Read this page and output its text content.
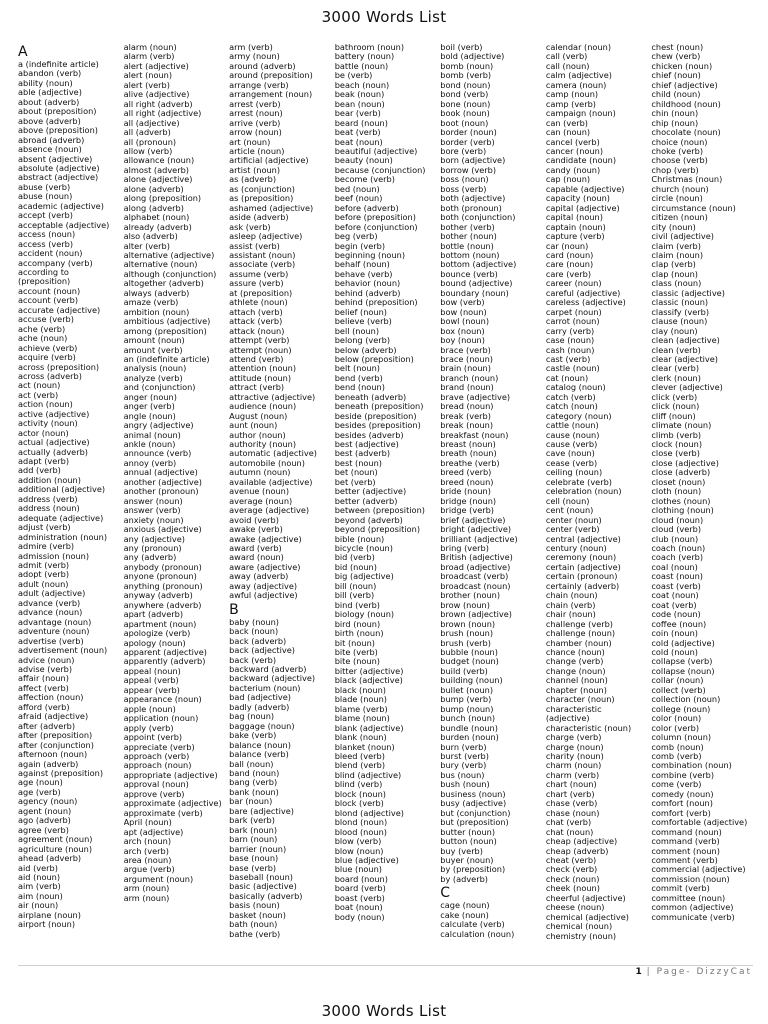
3000 Words List
A
a (indefinite article)
abandon (verb)
ability (noun)
able (adjective)
about (adverb)
about (preposition)
above (adverb)
above (preposition)
abroad (adverb)
absence (noun)
absent (adjective)
absolute (adjective)
abstract (adjective)
abuse (verb)
abuse (noun)
academic (adjective)
accept (verb)
acceptable (adjective)
access (noun)
access (verb)
accident (noun)
accompany (verb)
according to (preposition)
account (noun)
account (verb)
accurate (adjective)
accuse (verb)
ache (verb)
ache (noun)
achieve (verb)
acquire (verb)
across (preposition)
across (adverb)
act (noun)
act (verb)
action (noun)
active (adjective)
activity (noun)
actor (noun)
actual (adjective)
actually (adverb)
adapt (verb)
add (verb)
addition (noun)
additional (adjective)
address (verb)
address (noun)
adequate (adjective)
adjust (verb)
administration (noun)
admire (verb)
admission (noun)
admit (verb)
adopt (verb)
adult (noun)
adult (adjective)
advance (verb)
advance (noun)
advantage (noun)
adventure (noun)
advertise (verb)
advertisement (noun)
advice (noun)
advise (verb)
affair (noun)
affect (verb)
affection (noun)
afford (verb)
afraid (adjective)
after (adverb)
after (preposition)
after (conjunction)
afternoon (noun)
again (adverb)
against (preposition)
age (noun)
age (verb)
agency (noun)
agent (noun)
ago (adverb)
agree (verb)
agreement (noun)
agriculture (noun)
ahead (adverb)
aid (verb)
aid (noun)
aim (verb)
aim (noun)
air (noun)
airplane (noun)
airport (noun)
alarm (noun)
alarm (verb)
alert (adjective)
alert (noun)
alert (verb)
alive (adjective)
all right (adverb)
all right (adjective)
all (adjective)
all (adverb)
all (pronoun)
allow (verb)
allowance (noun)
almost (adverb)
alone (adjective)
alone (adverb)
along (preposition)
along (adverb)
alphabet (noun)
already (adverb)
also (adverb)
alter (verb)
alternative (adjective)
alternative (noun)
although (conjunction)
altogether (adverb)
always (adverb)
amaze (verb)
ambition (noun)
ambitious (adjective)
among (preposition)
amount (noun)
amount (verb)
an (indefinite article)
analysis (noun)
analyze (verb)
and (conjunction)
anger (noun)
anger (verb)
angle (noun)
angry (adjective)
animal (noun)
ankle (noun)
announce (verb)
annoy (verb)
annual (adjective)
another (adjective)
another (pronoun)
answer (noun)
answer (verb)
anxiety (noun)
anxious (adjective)
any (adjective)
any (pronoun)
any (adverb)
anybody (pronoun)
anyone (pronoun)
anything (pronoun)
anyway (adverb)
anywhere (adverb)
apart (adverb)
apartment (noun)
apologize (verb)
apology (noun)
apparent (adjective)
apparently (adverb)
appeal (noun)
appeal (verb)
appear (verb)
appearance (noun)
apple (noun)
application (noun)
apply (verb)
appoint (verb)
appreciate (verb)
approach (verb)
approach (noun)
appropriate (adjective)
approval (noun)
approve (verb)
approximate (adjective)
approximate (verb)
April (noun)
apt (adjective)
arch (noun)
arch (verb)
area (noun)
argue (verb)
argument (noun)
arm (noun)
arm (noun)
arm (verb)
army (noun)
around (adverb)
around (preposition)
arrange (verb)
arrangement (noun)
arrest (verb)
arrest (noun)
arrive (verb)
arrow (noun)
art (noun)
article (noun)
artificial (adjective)
artist (noun)
as (adverb)
as (conjunction)
as (preposition)
ashamed (adjective)
aside (adverb)
ask (verb)
asleep (adjective)
assist (verb)
assistant (noun)
associate (verb)
assume (verb)
assure (verb)
at (preposition)
athlete (noun)
attach (verb)
attack (verb)
attack (noun)
attempt (verb)
attempt (noun)
attend (verb)
attention (noun)
attitude (noun)
attract (verb)
attractive (adjective)
audience (noun)
August (noun)
aunt (noun)
author (noun)
authority (noun)
automatic (adjective)
automobile (noun)
autumn (noun)
available (adjective)
avenue (noun)
average (noun)
average (adjective)
avoid (verb)
awake (verb)
awake (adjective)
award (verb)
award (noun)
aware (adjective)
away (adverb)
away (adjective)
awful (adjective)
B
baby (noun)
back (noun)
back (adverb)
back (adjective)
back (verb)
backward (adverb)
backward (adjective)
bacterium (noun)
bad (adjective)
badly (adverb)
bag (noun)
baggage (noun)
bake (verb)
balance (noun)
balance (verb)
ball (noun)
band (noun)
bang (verb)
bank (noun)
bar (noun)
bare (adjective)
bark (verb)
bark (noun)
barn (noun)
barrier (noun)
base (noun)
base (verb)
baseball (noun)
basic (adjective)
basically (adverb)
basis (noun)
basket (noun)
bath (noun)
bathe (verb)
bathroom (noun)
battery (noun)
battle (noun)
be (verb)
beach (noun)
beak (noun)
bean (noun)
bear (verb)
beard (noun)
beat (verb)
beat (noun)
beautiful (adjective)
beauty (noun)
because (conjunction)
become (verb)
bed (noun)
beef (noun)
before (adverb)
before (preposition)
before (conjunction)
beg (verb)
begin (verb)
beginning (noun)
behalf (noun)
behave (verb)
behavior (noun)
behind (adverb)
behind (preposition)
belief (noun)
believe (verb)
bell (noun)
belong (verb)
below (adverb)
below (preposition)
belt (noun)
bend (verb)
bend (noun)
beneath (adverb)
beneath (preposition)
beside (preposition)
besides (preposition)
besides (adverb)
best (adjective)
best (adverb)
best (noun)
bet (noun)
bet (verb)
better (adjective)
better (adverb)
between (preposition)
beyond (adverb)
beyond (preposition)
bible (noun)
bicycle (noun)
bid (verb)
bid (noun)
big (adjective)
bill (noun)
bill (verb)
bind (verb)
biology (noun)
bird (noun)
birth (noun)
bit (noun)
bite (verb)
bite (noun)
bitter (adjective)
black (adjective)
black (noun)
blade (noun)
blame (verb)
blame (noun)
blank (adjective)
blank (noun)
blanket (noun)
bleed (verb)
blend (verb)
blind (adjective)
blind (verb)
block (noun)
block (verb)
blond (adjective)
blond (noun)
blood (noun)
blow (verb)
blow (noun)
blue (adjective)
blue (noun)
board (noun)
board (verb)
boast (verb)
boat (noun)
body (noun)
boil (verb)
bold (adjective)
bomb (noun)
bomb (verb)
bond (noun)
bond (verb)
bone (noun)
book (noun)
boot (noun)
border (noun)
border (verb)
bore (verb)
born (adjective)
borrow (verb)
boss (noun)
boss (verb)
both (adjective)
both (pronoun)
both (conjunction)
bother (verb)
bother (noun)
bottle (noun)
bottom (noun)
bottom (adjective)
bounce (verb)
bound (adjective)
boundary (noun)
bow (verb)
bow (noun)
bowl (noun)
box (noun)
boy (noun)
brace (verb)
brace (noun)
brain (noun)
branch (noun)
brand (noun)
brave (adjective)
bread (noun)
break (verb)
break (noun)
breakfast (noun)
breast (noun)
breath (noun)
breathe (verb)
breed (verb)
breed (noun)
bride (noun)
bridge (noun)
bridge (verb)
brief (adjective)
bright (adjective)
brilliant (adjective)
bring (verb)
British (adjective)
broad (adjective)
broadcast (verb)
broadcast (noun)
brother (noun)
brow (noun)
brown (adjective)
brown (noun)
brush (noun)
brush (verb)
bubble (noun)
budget (noun)
build (verb)
building (noun)
bullet (noun)
bump (verb)
bump (noun)
bunch (noun)
bundle (noun)
burden (noun)
burn (verb)
burst (verb)
bury (verb)
bus (noun)
bush (noun)
business (noun)
busy (adjective)
but (conjunction)
but (preposition)
butter (noun)
button (noun)
buy (verb)
buyer (noun)
by (preposition)
by (adverb)
C
cage (noun)
cake (noun)
calculate (verb)
calculation (noun)
calendar (noun)
call (verb)
call (noun)
calm (adjective)
camera (noun)
camp (noun)
camp (verb)
campaign (noun)
can (verb)
can (noun)
cancel (verb)
cancer (noun)
candidate (noun)
candy (noun)
cap (noun)
capable (adjective)
capacity (noun)
capital (adjective)
capital (noun)
captain (noun)
capture (verb)
car (noun)
card (noun)
care (noun)
care (verb)
career (noun)
careful (adjective)
careless (adjective)
carpet (noun)
carrot (noun)
carry (verb)
case (noun)
cash (noun)
cast (verb)
castle (noun)
cat (noun)
catalog (noun)
catch (verb)
catch (noun)
category (noun)
cattle (noun)
cause (noun)
cause (verb)
cave (noun)
cease (verb)
ceiling (noun)
celebrate (verb)
celebration (noun)
cell (noun)
cent (noun)
center (noun)
center (verb)
central (adjective)
century (noun)
ceremony (noun)
certain (adjective)
certain (pronoun)
certainly (adverb)
chain (noun)
chain (verb)
chair (noun)
challenge (verb)
challenge (noun)
chamber (noun)
chance (noun)
change (verb)
change (noun)
channel (noun)
chapter (noun)
character (noun)
characteristic (adjective)
characteristic (noun)
charge (verb)
charge (noun)
charity (noun)
charm (noun)
charm (verb)
chart (noun)
chart (verb)
chase (verb)
chase (noun)
chat (verb)
chat (noun)
cheap (adjective)
cheap (adverb)
cheat (verb)
check (verb)
check (noun)
cheek (noun)
cheerful (adjective)
cheese (noun)
chemical (adjective)
chemical (noun)
chemistry (noun)
chest (noun)
chew (verb)
chicken (noun)
chief (noun)
chief (adjective)
child (noun)
childhood (noun)
chin (noun)
chip (noun)
chocolate (noun)
choice (noun)
choke (verb)
choose (verb)
chop (verb)
Christmas (noun)
church (noun)
circle (noun)
circumstance (noun)
citizen (noun)
city (noun)
civil (adjective)
claim (verb)
claim (noun)
clap (verb)
clap (noun)
class (noun)
classic (adjective)
classic (noun)
classify (verb)
clause (noun)
clay (noun)
clean (adjective)
clean (verb)
clear (adjective)
clear (verb)
clerk (noun)
clever (adjective)
click (verb)
click (noun)
cliff (noun)
climate (noun)
climb (verb)
clock (noun)
close (verb)
close (adjective)
close (adverb)
closet (noun)
cloth (noun)
clothes (noun)
clothing (noun)
cloud (noun)
cloud (verb)
club (noun)
coach (noun)
coach (verb)
coal (noun)
coast (noun)
coast (verb)
coat (noun)
coat (verb)
code (noun)
coffee (noun)
coin (noun)
cold (adjective)
cold (noun)
collapse (verb)
collapse (noun)
collar (noun)
collect (verb)
collection (noun)
college (noun)
color (noun)
color (verb)
column (noun)
comb (noun)
comb (verb)
combination (noun)
combine (verb)
come (verb)
comedy (noun)
comfort (noun)
comfort (verb)
comfortable (adjective)
command (noun)
command (verb)
comment (noun)
comment (verb)
commercial (adjective)
commission (noun)
commit (verb)
committee (noun)
common (adjective)
communicate (verb)
1 | Page- DizzyCat
3000 Words List
